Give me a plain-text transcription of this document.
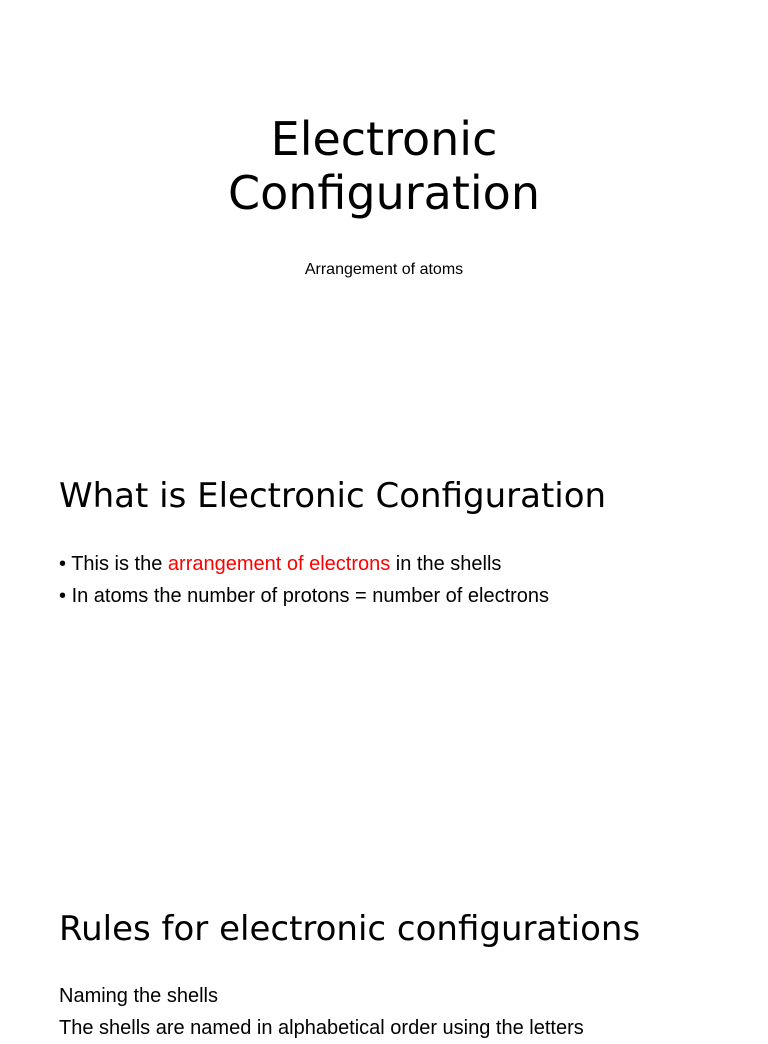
Electronic
Configuration

Arrangement of atoms

What is Electronic Configuration
• This is the arrangement of electrons in the shells
• In atoms the number of protons = number of electrons
Rules for electronic configurations

Naming the shells

The shells are named in alphabetical order using the letters
